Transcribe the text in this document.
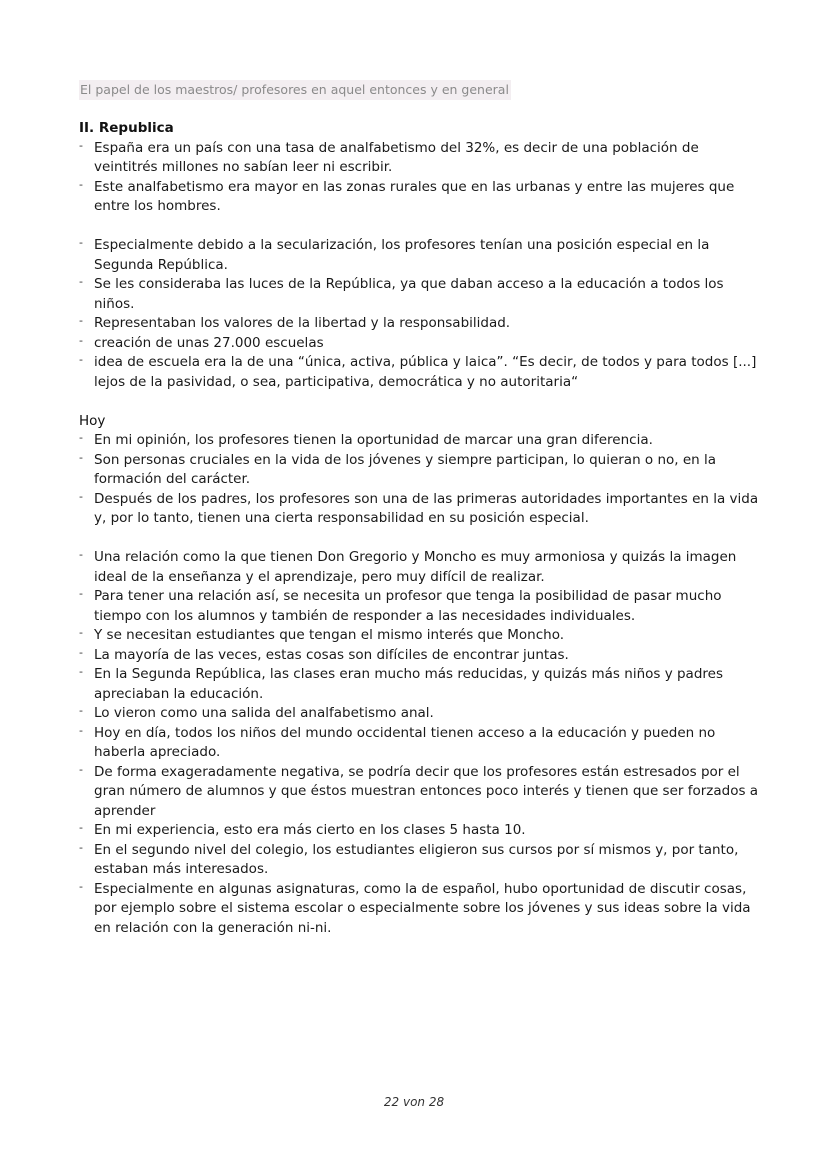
El papel de los maestros/ profesores en aquel entonces y en general

II. Republica

- España era un país con una tasa de analfabetismo del 32%, es decir de una población de veintitrés millones no sabían leer ni escribir.
- Este analfabetismo era mayor en las zonas rurales que en las urbanas y entre las mujeres que entre los hombres.
- Especialmente debido a la secularización, los profesores tenían una posición especial en la Segunda República.
- Se les consideraba las luces de la República, ya que daban acceso a la educación a todos los niños.
- Representaban los valores de la libertad y la responsabilidad.
- creación de unas 27.000 escuelas
- idea de escuela era la de una “única, activa, pública y laica”. “Es decir, de todos y para todos [...] lejos de la pasividad, o sea, participativa, democrática y no autoritaria“

Hoy

- En mi opinión, los profesores tienen la oportunidad de marcar una gran diferencia.
- Son personas cruciales en la vida de los jóvenes y siempre participan, lo quieran o no, en la formación del carácter.
- Después de los padres, los profesores son una de las primeras autoridades importantes en la vida y, por lo tanto, tienen una cierta responsabilidad en su posición especial.
- Una relación como la que tienen Don Gregorio y Moncho es muy armoniosa y quizás la imagen ideal de la enseñanza y el aprendizaje, pero muy difícil de realizar.
- Para tener una relación así, se necesita un profesor que tenga la posibilidad de pasar mucho tiempo con los alumnos y también de responder a las necesidades individuales.
- Y se necesitan estudiantes que tengan el mismo interés que Moncho.
- La mayoría de las veces, estas cosas son difíciles de encontrar juntas.
- En la Segunda República, las clases eran mucho más reducidas, y quizás más niños y padres apreciaban la educación.
- Lo vieron como una salida del analfabetismo anal.
- Hoy en día, todos los niños del mundo occidental tienen acceso a la educación y pueden no haberla apreciado.
- De forma exageradamente negativa, se podría decir que los profesores están estresados por el gran número de alumnos y que éstos muestran entonces poco interés y tienen que ser forzados a aprender
- En mi experiencia, esto era más cierto en los clases 5 hasta 10.
- En el segundo nivel del colegio, los estudiantes eligieron sus cursos por sí mismos y, por tanto, estaban más interesados.
- Especialmente en algunas asignaturas, como la de español, hubo oportunidad de discutir cosas, por ejemplo sobre el sistema escolar o especialmente sobre los jóvenes y sus ideas sobre la vida en relación con la generación ni-ni.
22 von 28
